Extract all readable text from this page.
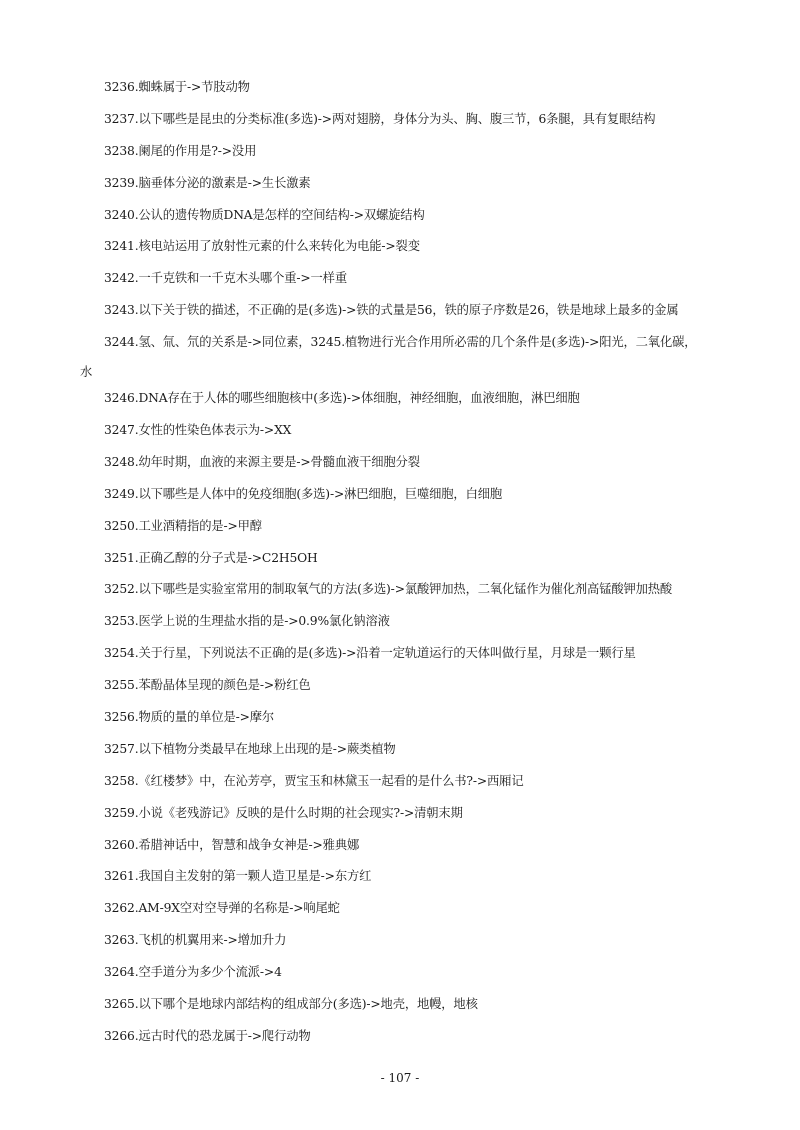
3236.蜘蛛属于->节肢动物
3237.以下哪些是昆虫的分类标准(多选)->两对翅膀，身体分为头、胸、腹三节，6条腿，具有复眼结构
3238.阑尾的作用是?->没用
3239.脑垂体分泌的激素是->生长激素
3240.公认的遗传物质DNA是怎样的空间结构->双螺旋结构
3241.核电站运用了放射性元素的什么来转化为电能->裂变
3242.一千克铁和一千克木头哪个重->一样重
3243.以下关于铁的描述，不正确的是(多选)->铁的式量是56，铁的原子序数是26，铁是地球上最多的金属
3244.氢、氚、氘的关系是->同位素，3245.植物进行光合作用所必需的几个条件是(多选)->阳光，二氧化碳，
水
3246.DNA存在于人体的哪些细胞核中(多选)->体细胞，神经细胞，血液细胞，淋巴细胞
3247.女性的性染色体表示为->XX
3248.幼年时期，血液的来源主要是->骨髓血液干细胞分裂
3249.以下哪些是人体中的免疫细胞(多选)->淋巴细胞，巨噬细胞，白细胞
3250.工业酒精指的是->甲醇
3251.正确乙醇的分子式是->C2H5OH
3252.以下哪些是实验室常用的制取氧气的方法(多选)->氯酸钾加热，二氧化锰作为催化剂高锰酸钾加热酸
3253.医学上说的生理盐水指的是->0.9%氯化钠溶液
3254.关于行星，下列说法不正确的是(多选)->沿着一定轨道运行的天体叫做行星，月球是一颗行星
3255.苯酚晶体呈现的颜色是->粉红色
3256.物质的量的单位是->摩尔
3257.以下植物分类最早在地球上出现的是->蕨类植物
3258.《红楼梦》中，在沁芳亭，贾宝玉和林黛玉一起看的是什么书?->西厢记
3259.小说《老残游记》反映的是什么时期的社会现实?->清朝末期
3260.希腊神话中，智慧和战争女神是->雅典娜
3261.我国自主发射的第一颗人造卫星是->东方红
3262.AM-9X空对空导弹的名称是->响尾蛇
3263.飞机的机翼用来->增加升力
3264.空手道分为多少个流派->4
3265.以下哪个是地球内部结构的组成部分(多选)->地壳，地幔，地核
3266.远古时代的恐龙属于->爬行动物
- 107 -
